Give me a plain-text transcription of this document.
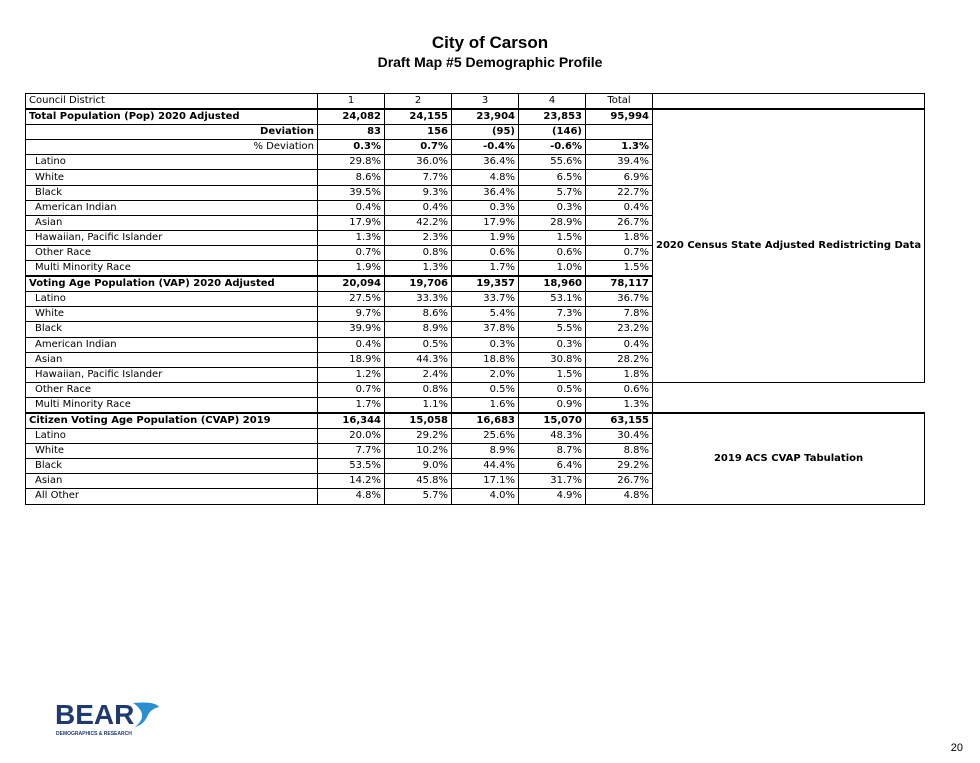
City of Carson
Draft Map #5 Demographic Profile
Council District	1	2	3	4	Total	
Total Population (Pop) 2020 Adjusted	24,082	24,155	23,904	23,853	95,994	2020 Census State Adjusted Redistricting Data
Deviation	83	156	(95)	(146)		
% Deviation	0.3%	0.7%	-0.4%	-0.6%	1.3%	
Latino	29.8%	36.0%	36.4%	55.6%	39.4%	
White	8.6%	7.7%	4.8%	6.5%	6.9%	
Black	39.5%	9.3%	36.4%	5.7%	22.7%	
American Indian	0.4%	0.4%	0.3%	0.3%	0.4%	
Asian	17.9%	42.2%	17.9%	28.9%	26.7%	
Hawaiian, Pacific Islander	1.3%	2.3%	1.9%	1.5%	1.8%	
Other Race	0.7%	0.8%	0.6%	0.6%	0.7%	
Multi Minority Race	1.9%	1.3%	1.7%	1.0%	1.5%	
Voting Age Population (VAP) 2020 Adjusted	20,094	19,706	19,357	18,960	78,117	
Latino	27.5%	33.3%	33.7%	53.1%	36.7%	
White	9.7%	8.6%	5.4%	7.3%	7.8%	
Black	39.9%	8.9%	37.8%	5.5%	23.2%	
American Indian	0.4%	0.5%	0.3%	0.3%	0.4%	
Asian	18.9%	44.3%	18.8%	30.8%	28.2%	
Hawaiian, Pacific Islander	1.2%	2.4%	2.0%	1.5%	1.8%	
Other Race	0.7%	0.8%	0.5%	0.5%	0.6%	
Multi Minority Race	1.7%	1.1%	1.6%	0.9%	1.3%	
Citizen Voting Age Population (CVAP) 2019	16,344	15,058	16,683	15,070	63,155	2019 ACS CVAP Tabulation
Latino	20.0%	29.2%	25.6%	48.3%	30.4%	
White	7.7%	10.2%	8.9%	8.7%	8.8%	
Black	53.5%	9.0%	44.4%	6.4%	29.2%	
Asian	14.2%	45.8%	17.1%	31.7%	26.7%	
All Other	4.8%	5.7%	4.0%	4.9%	4.8%	
BEAR
DEMOGRAPHICS & RESEARCH
20
